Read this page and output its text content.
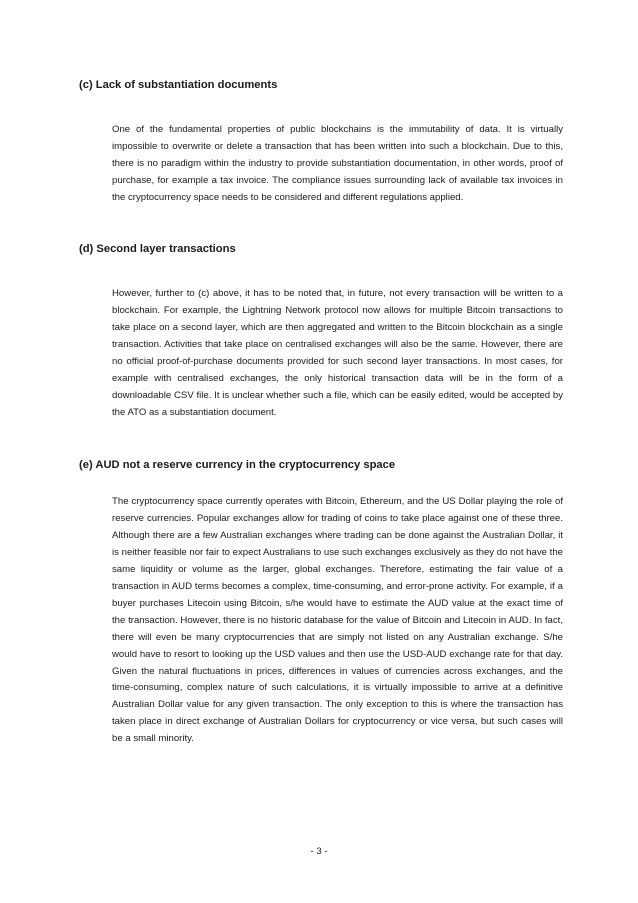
(c) Lack of substantiation documents

One of the fundamental properties of public blockchains is the immutability of data. It is virtually impossible to overwrite or delete a transaction that has been written into such a blockchain. Due to this, there is no paradigm within the industry to provide substantiation documentation, in other words, proof of purchase, for example a tax invoice. The compliance issues surrounding lack of available tax invoices in the cryptocurrency space needs to be considered and different regulations applied.

(d) Second layer transactions

However, further to (c) above, it has to be noted that, in future, not every transaction will be written to a blockchain. For example, the Lightning Network protocol now allows for multiple Bitcoin transactions to take place on a second layer, which are then aggregated and written to the Bitcoin blockchain as a single transaction. Activities that take place on centralised exchanges will also be the same. However, there are no official proof-of-purchase documents provided for such second layer transactions. In most cases, for example with centralised exchanges, the only historical transaction data will be in the form of a downloadable CSV file. It is unclear whether such a file, which can be easily edited, would be accepted by the ATO as a substantiation document.

(e) AUD not a reserve currency in the cryptocurrency space

The cryptocurrency space currently operates with Bitcoin, Ethereum, and the US Dollar playing the role of reserve currencies. Popular exchanges allow for trading of coins to take place against one of these three. Although there are a few Australian exchanges where trading can be done against the Australian Dollar, it is neither feasible nor fair to expect Australians to use such exchanges exclusively as they do not have the same liquidity or volume as the larger, global exchanges. Therefore, estimating the fair value of a transaction in AUD terms becomes a complex, time-consuming, and error-prone activity. For example, if a buyer purchases Litecoin using Bitcoin, s/he would have to estimate the AUD value at the exact time of the transaction. However, there is no historic database for the value of Bitcoin and Litecoin in AUD. In fact, there will even be many cryptocurrencies that are simply not listed on any Australian exchange. S/he would have to resort to looking up the USD values and then use the USD-AUD exchange rate for that day. Given the natural fluctuations in prices, differences in values of currencies across exchanges, and the time-consuming, complex nature of such calculations, it is virtually impossible to arrive at a definitive Australian Dollar value for any given transaction. The only exception to this is where the transaction has taken place in direct exchange of Australian Dollars for cryptocurrency or vice versa, but such cases will be a small minority.

- 3 -
